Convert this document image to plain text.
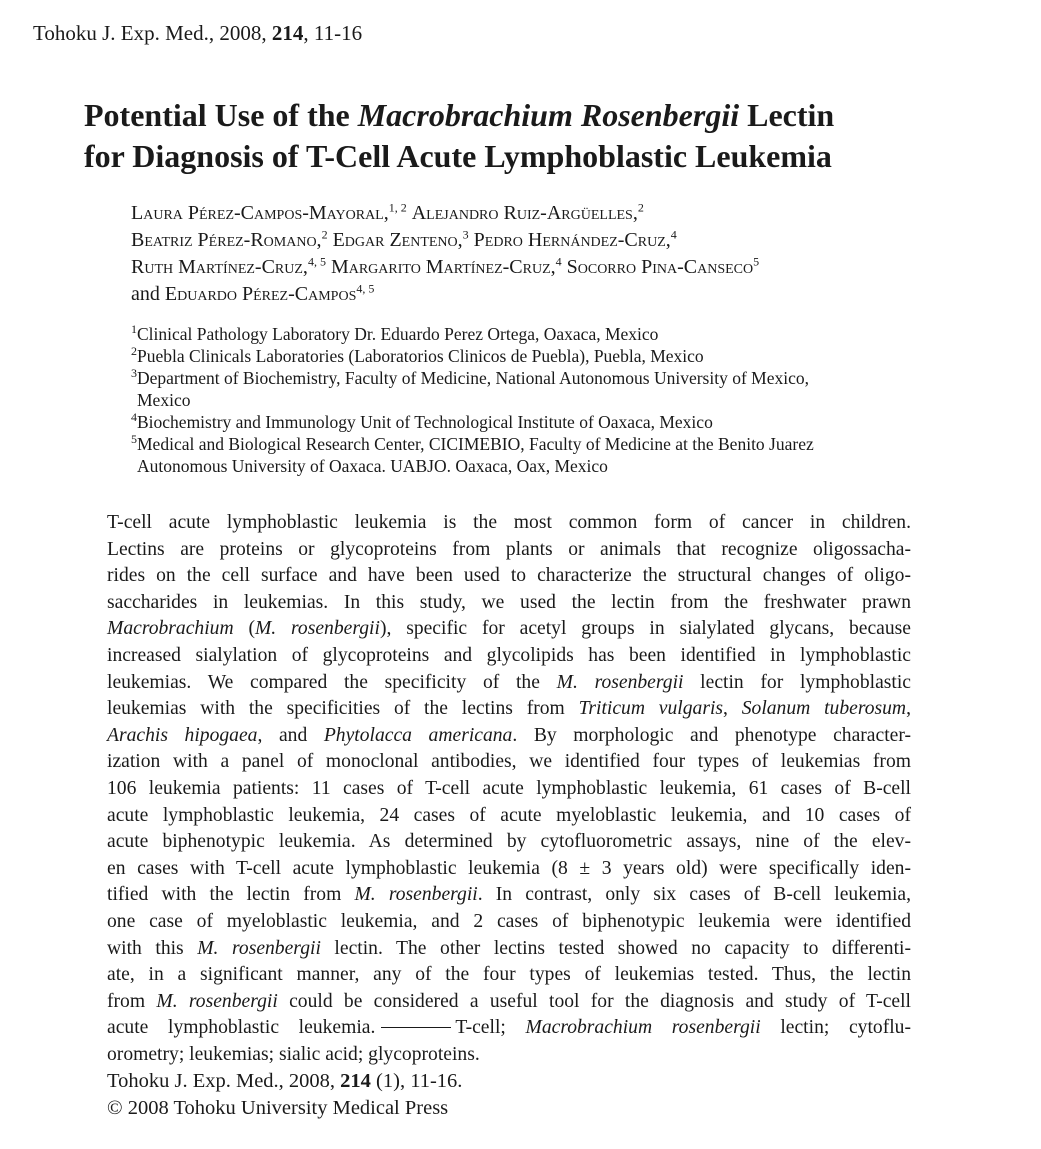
Tohoku J. Exp. Med., 2008, 214, 11-16
Potential Use of the Macrobrachium Rosenbergii Lectin
for Diagnosis of T-Cell Acute Lymphoblastic Leukemia
Laura Pérez-Campos-Mayoral,$^{1, 2}$ Alejandro Ruiz-Argüelles,$^2$
Beatriz Pérez-Romano,$^2$ Edgar Zenteno,$^3$ Pedro Hernández-Cruz,$^4$
Ruth Martínez-Cruz,$^{4, 5}$ Margarito Martínez-Cruz,$^4$ Socorro Pina-Canseco$^5$
and Eduardo Pérez-Campos$^{4, 5}$
$^1$Clinical Pathology Laboratory Dr. Eduardo Perez Ortega, Oaxaca, Mexico
$^2$Puebla Clinicals Laboratories (Laboratorios Clinicos de Puebla), Puebla, Mexico
$^3$Department of Biochemistry, Faculty of Medicine, National Autonomous University of Mexico,
Mexico
$^4$Biochemistry and Immunology Unit of Technological Institute of Oaxaca, Mexico
$^5$Medical and Biological Research Center, CICIMEBIO, Faculty of Medicine at the Benito Juarez
Autonomous University of Oaxaca. UABJO. Oaxaca, Oax, Mexico
T-cell acute lymphoblastic leukemia is the most common form of cancer in children.
Lectins are proteins or glycoproteins from plants or animals that recognize oligossacha-
rides on the cell surface and have been used to characterize the structural changes of oligo-
saccharides in leukemias. In this study, we used the lectin from the freshwater prawn
Macrobrachium (M. rosenbergii), specific for acetyl groups in sialylated glycans, because
increased sialylation of glycoproteins and glycolipids has been identified in lymphoblastic
leukemias. We compared the specificity of the M. rosenbergii lectin for lymphoblastic
leukemias with the specificities of the lectins from Triticum vulgaris, Solanum tuberosum,
Arachis hipogaea, and Phytolacca americana. By morphologic and phenotype character-
ization with a panel of monoclonal antibodies, we identified four types of leukemias from
106 leukemia patients: 11 cases of T-cell acute lymphoblastic leukemia, 61 cases of B-cell
acute lymphoblastic leukemia, 24 cases of acute myeloblastic leukemia, and 10 cases of
acute biphenotypic leukemia. As determined by cytofluorometric assays, nine of the elev-
en cases with T-cell acute lymphoblastic leukemia (8 ± 3 years old) were specifically iden-
tified with the lectin from M. rosenbergii. In contrast, only six cases of B-cell leukemia,
one case of myeloblastic leukemia, and 2 cases of biphenotypic leukemia were identified
with this M. rosenbergii lectin. The other lectins tested showed no capacity to differenti-
ate, in a significant manner, any of the four types of leukemias tested. Thus, the lectin
from M. rosenbergii could be considered a useful tool for the diagnosis and study of T-cell
acute lymphoblastic leukemia.	T-cell; Macrobrachium rosenbergii lectin; cytoflu-
orometry; leukemias; sialic acid; glycoproteins.
Tohoku J. Exp. Med., 2008, 214 (1), 11-16.
© 2008 Tohoku University Medical Press
